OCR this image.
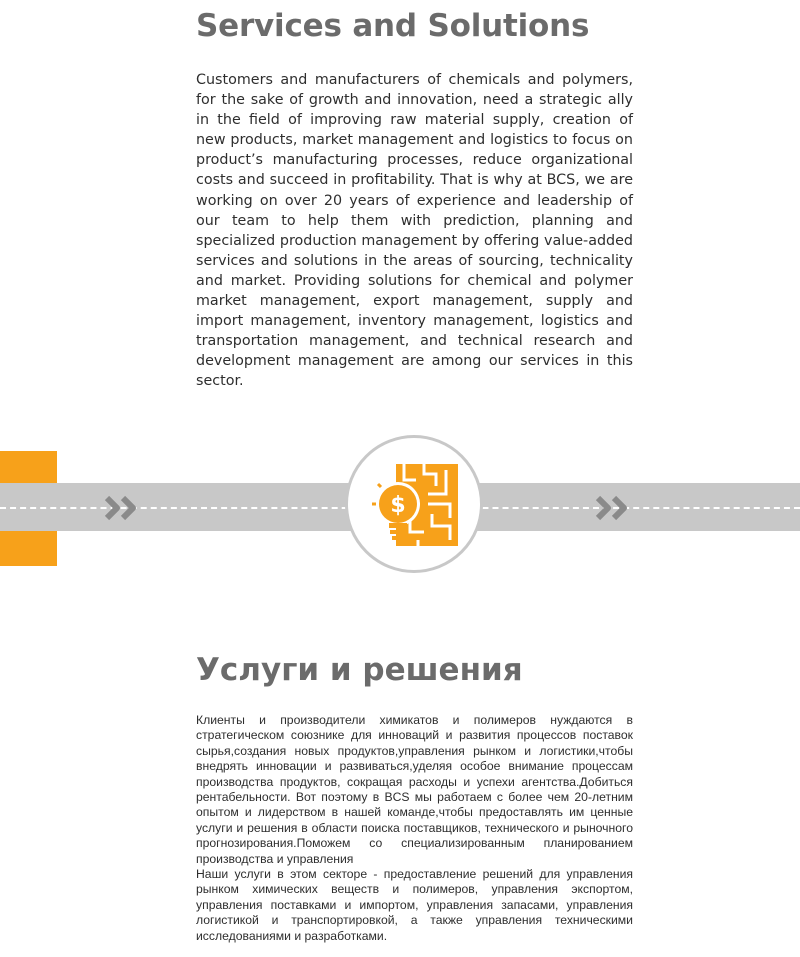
Services and Solutions

Customers and manufacturers of chemicals and polymers, for the sake of growth and innovation, need a strategic ally in the field of improving raw material supply, creation of new products, market management and logistics to focus on product’s manufacturing processes, reduce organizational costs and succeed in profitability. That is why at BCS, we are working on over 20 years of experience and leadership of our team to help them with prediction, planning and specialized production management by offering value-added services and solutions in the areas of sourcing, technicality and market. Providing solutions for chemical and polymer market management, export management, supply and import management, inventory management, logistics and transportation management, and technical research and development management are among our services in this sector.

$
Услуги и решения
Клиенты и производители химикатов и полимеров нуждаются в стратегическом союзнике для инноваций и развития процессов поставок сырья,создания новых продуктов,управления рынком и логистики,чтобы внедрять инновации и развиваться,уделяя особое внимание процессам производства продуктов, сокращая расходы и успехи агентства.Добиться рентабельности. Вот поэтому в BCS мы работаем с более чем 20-летним опытом и лидерством в нашей команде,чтобы предоставлять им ценные услуги и решения в области поиска поставщиков, технического и рыночного прогнозирования.Поможем со специализированным планированием производства и управления
Наши услуги в этом секторе - предоставление решений для управления рынком химических веществ и полимеров, управления экспортом, управления поставками и импортом, управления запасами, управления логистикой и транспортировкой, а также управления техническими исследованиями и разработками.
